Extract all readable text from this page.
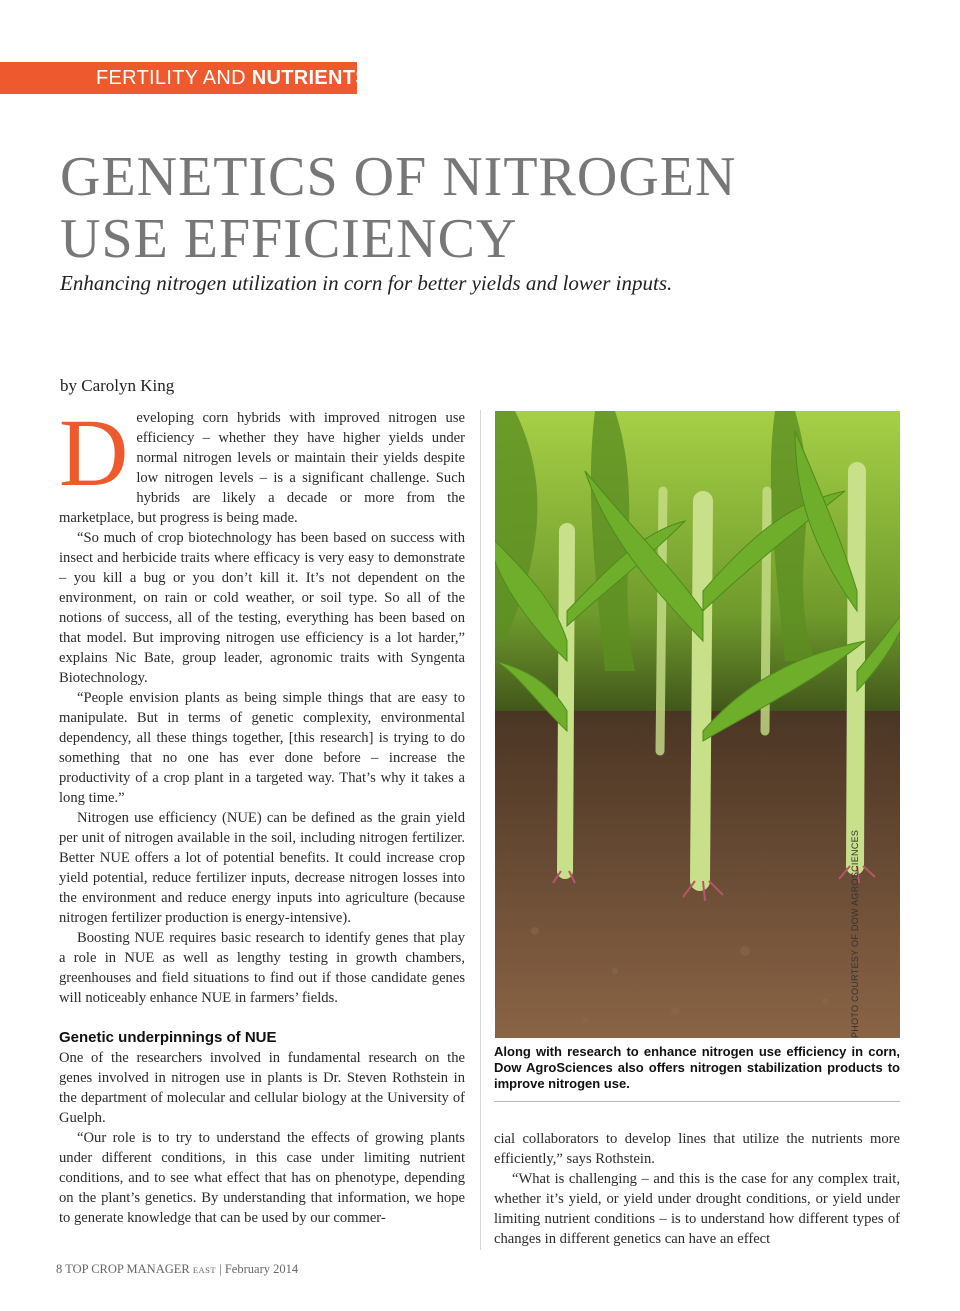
FERTILITY AND NUTRIENTS
GENETICS OF NITROGEN
USE EFFICIENCY
Enhancing nitrogen utilization in corn for better yields and lower inputs.
by Carolyn King

Developing corn hybrids with improved nitrogen use efficiency – whether they have higher yields under normal nitrogen levels or maintain their yields despite low nitrogen levels – is a significant challenge. Such hybrids are likely a decade or more from the marketplace, but progress is being made.

“So much of crop biotechnology has been based on success with insect and herbicide traits where efficacy is very easy to demonstrate – you kill a bug or you don’t kill it. It’s not dependent on the environment, on rain or cold weather, or soil type. So all of the notions of success, all of the testing, everything has been based on that model. But improving nitrogen use efficiency is a lot harder,” explains Nic Bate, group leader, agronomic traits with Syngenta Biotechnology.

“People envision plants as being simple things that are easy to manipulate. But in terms of genetic complexity, environmental dependency, all these things together, [this research] is trying to do something that no one has ever done before – increase the productivity of a crop plant in a targeted way. That’s why it takes a long time.”

Nitrogen use efficiency (NUE) can be defined as the grain yield per unit of nitrogen available in the soil, including nitrogen fertilizer. Better NUE offers a lot of potential benefits. It could increase crop yield potential, reduce fertilizer inputs, decrease nitrogen losses into the environment and reduce energy inputs into agriculture (because nitrogen fertilizer production is energy-intensive).

Boosting NUE requires basic research to identify genes that play a role in NUE as well as lengthy testing in growth chambers, greenhouses and field situations to find out if those candidate genes will noticeably enhance NUE in farmers’ fields.

Genetic underpinnings of NUE

One of the researchers involved in fundamental research on the genes involved in nitrogen use in plants is Dr. Steven Rothstein in the department of molecular and cellular biology at the University of Guelph.

“Our role is to try to understand the effects of growing plants under different conditions, in this case under limiting nutrient conditions, and to see what effect that has on phenotype, depending on the plant’s genetics. By understanding that information, we hope to generate knowledge that can be used by our commer-

PHOTO COURTESY OF DOW AGROSCIENCES
Along with research to enhance nitrogen use efficiency in corn, Dow AgroSciences also offers nitrogen stabilization products to improve nitrogen use.

cial collaborators to develop lines that utilize the nutrients more efficiently,” says Rothstein.

“What is challenging – and this is the case for any complex trait, whether it’s yield, or yield under drought conditions, or yield under limiting nutrient conditions – is to understand how different types of changes in different genetics can have an effect

8 TOP CROP MANAGER EAST | February 2014
